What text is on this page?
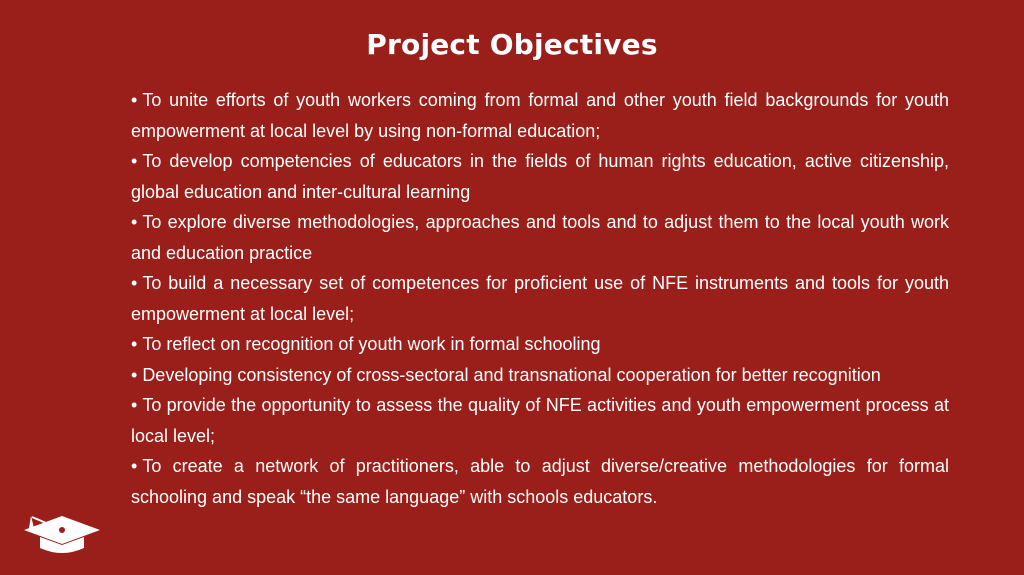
Project Objectives
• To unite efforts of youth workers coming from formal and other youth field backgrounds for youth empowerment at local level by using non-formal education;
• To develop competencies of educators in the fields of human rights education, active citizenship, global education and inter-cultural learning
• To explore diverse methodologies, approaches and tools and to adjust them to the local youth work and education practice
• To build a necessary set of competences for proficient use of NFE instruments and tools for youth empowerment at local level;
• To reflect on recognition of youth work in formal schooling
• Developing consistency of cross-sectoral and transnational cooperation for better recognition
• To provide the opportunity to assess the quality of NFE activities and youth empowerment process at local level;
• To create a network of practitioners, able to adjust diverse/creative methodologies for formal schooling and speak “the same language” with schools educators.
